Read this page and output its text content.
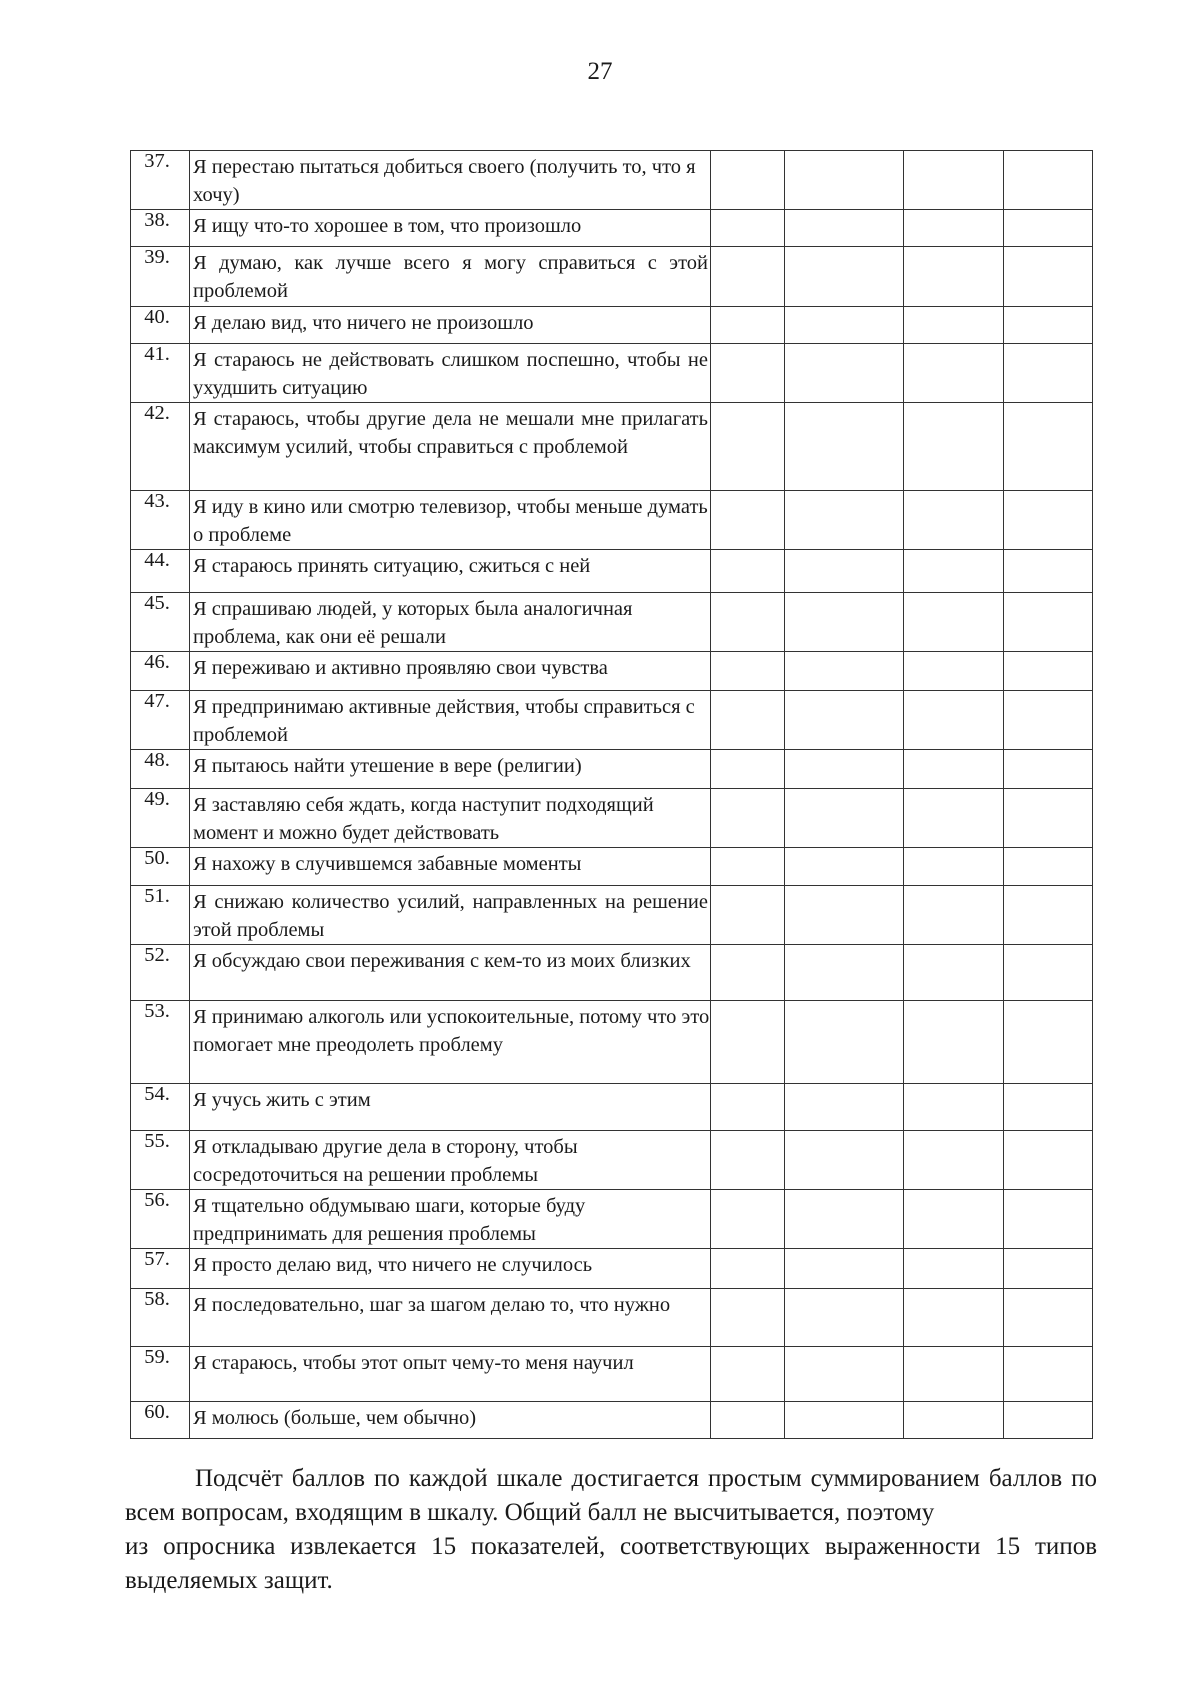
27
37.	Я перестаю пытаться добиться своего (получить то, что я хочу)				
38.	Я ищу что-то хорошее в том, что произошло				
39.	Я думаю, как лучше всего я могу справиться с этой проблемой				
40.	Я делаю вид, что ничего не произошло				
41.	Я стараюсь не действовать слишком поспешно, чтобы не ухудшить ситуацию				
42.	Я стараюсь, чтобы другие дела не мешали мне прилагать максимум усилий, чтобы справиться с проблемой				
43.	Я иду в кино или смотрю телевизор, чтобы меньше думать о проблеме				
44.	Я стараюсь принять ситуацию, сжиться с ней				
45.	Я спрашиваю людей, у которых была аналогичная проблема, как они её решали				
46.	Я переживаю и активно проявляю свои чувства				
47.	Я предпринимаю активные действия, чтобы справиться с проблемой				
48.	Я пытаюсь найти утешение в вере (религии)				
49.	Я заставляю себя ждать, когда наступит подходящий момент и можно будет действовать				
50.	Я нахожу в случившемся забавные моменты				
51.	Я снижаю количество усилий, направленных на решение этой проблемы				
52.	Я обсуждаю свои переживания с кем-то из моих близких				
53.	Я принимаю алкоголь или успокоительные, потому что это помогает мне преодолеть проблему				
54.	Я учусь жить с этим				
55.	Я откладываю другие дела в сторону, чтобы сосредоточиться на решении проблемы				
56.	Я тщательно обдумываю шаги, которые буду предпринимать для решения проблемы				
57.	Я просто делаю вид, что ничего не случилось				
58.	Я последовательно, шаг за шагом делаю то, что нужно				
59.	Я стараюсь, чтобы этот опыт чему-то меня научил				
60.	Я молюсь (больше, чем обычно)				

Подсчёт баллов по каждой шкале достигается простым суммированием баллов по всем вопросам, входящим в шкалу. Общий балл не высчитывается, поэтому

из опросника извлекается 15 показателей, соответствующих выраженности 15 типов выделяемых защит.
